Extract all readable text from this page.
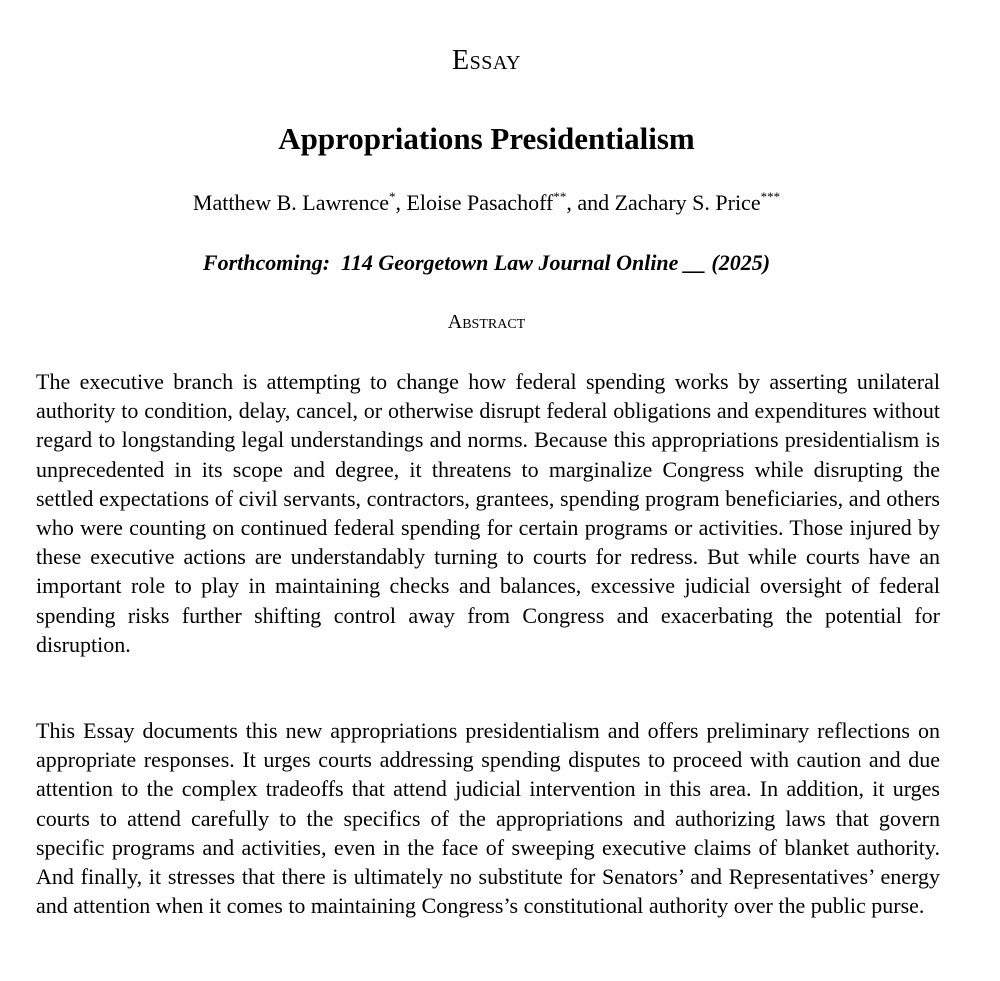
Essay
Appropriations Presidentialism
Matthew B. Lawrence*, Eloise Pasachoff**, and Zachary S. Price***
Forthcoming:  114 Georgetown Law Journal Online __ (2025)
Abstract

The executive branch is attempting to change how federal spending works by asserting unilateral authority to condition, delay, cancel, or otherwise disrupt federal obligations and expenditures without regard to longstanding legal understandings and norms. Because this appropriations presidentialism is unprecedented in its scope and degree, it threatens to marginalize Congress while disrupting the settled expectations of civil servants, contractors, grantees, spending program beneficiaries, and others who were counting on continued federal spending for certain programs or activities. Those injured by these executive actions are understandably turning to courts for redress. But while courts have an important role to play in maintaining checks and balances, excessive judicial oversight of federal spending risks further shifting control away from Congress and exacerbating the potential for disruption.

This Essay documents this new appropriations presidentialism and offers preliminary reflections on appropriate responses. It urges courts addressing spending disputes to proceed with caution and due attention to the complex tradeoffs that attend judicial intervention in this area. In addition, it urges courts to attend carefully to the specifics of the appropriations and authorizing laws that govern specific programs and activities, even in the face of sweeping executive claims of blanket authority. And finally, it stresses that there is ultimately no substitute for Senators’ and Representatives’ energy and attention when it comes to maintaining Congress’s constitutional authority over the public purse.
